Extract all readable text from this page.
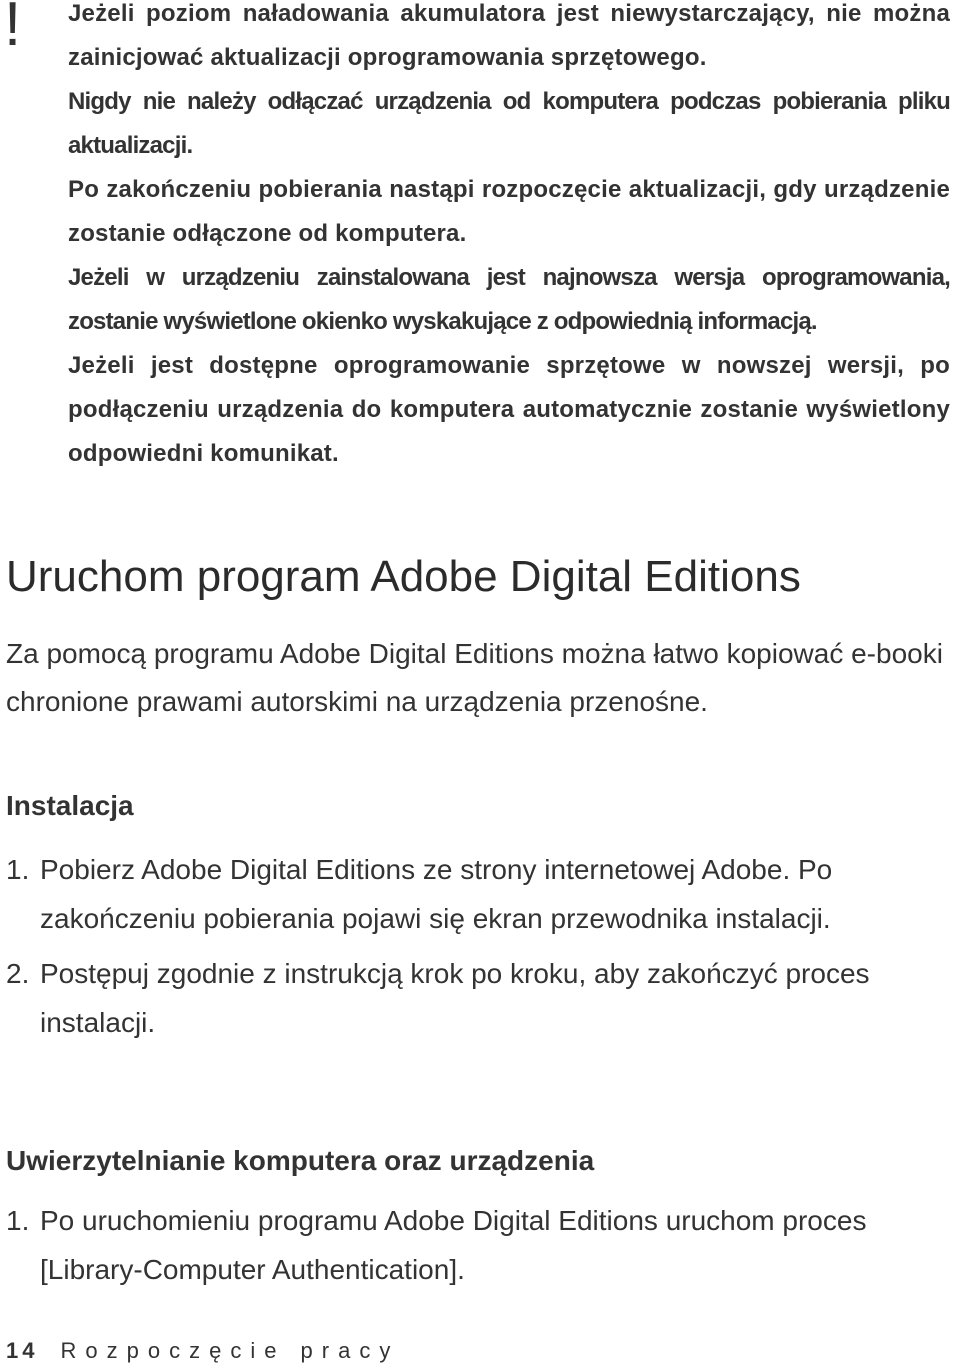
! Jeżeli poziom naładowania akumulatora jest niewystarczający, nie można zainicjować aktualizacji oprogramowania sprzętowego.

Nigdy nie należy odłączać urządzenia od komputera podczas pobierania pliku aktualizacji.

Po zakończeniu pobierania nastąpi rozpoczęcie aktualizacji, gdy urządzenie zostanie odłączone od komputera.

Jeżeli w urządzeniu zainstalowana jest najnowsza wersja oprogramowania, zostanie wyświetlone okienko wyskakujące z odpowiednią informacją.

Jeżeli jest dostępne oprogramowanie sprzętowe w nowszej wersji, po podłączeniu urządzenia do komputera automatycznie zostanie wyświetlony odpowiedni komunikat.

Uruchom program Adobe Digital Editions

Za pomocą programu Adobe Digital Editions można łatwo kopiować e-booki chronione prawami autorskimi na urządzenia przenośne.

Instalacja
1. Pobierz Adobe Digital Editions ze strony internetowej Adobe. Po zakończeniu pobierania pojawi się ekran przewodnika instalacji.
2. Postępuj zgodnie z instrukcją krok po kroku, aby zakończyć proces instalacji.
Uwierzytelnianie komputera oraz urządzenia
1. Po uruchomieniu programu Adobe Digital Editions uruchom proces [Library-Computer Authentication].
14 Rozpoczęcie pracy
